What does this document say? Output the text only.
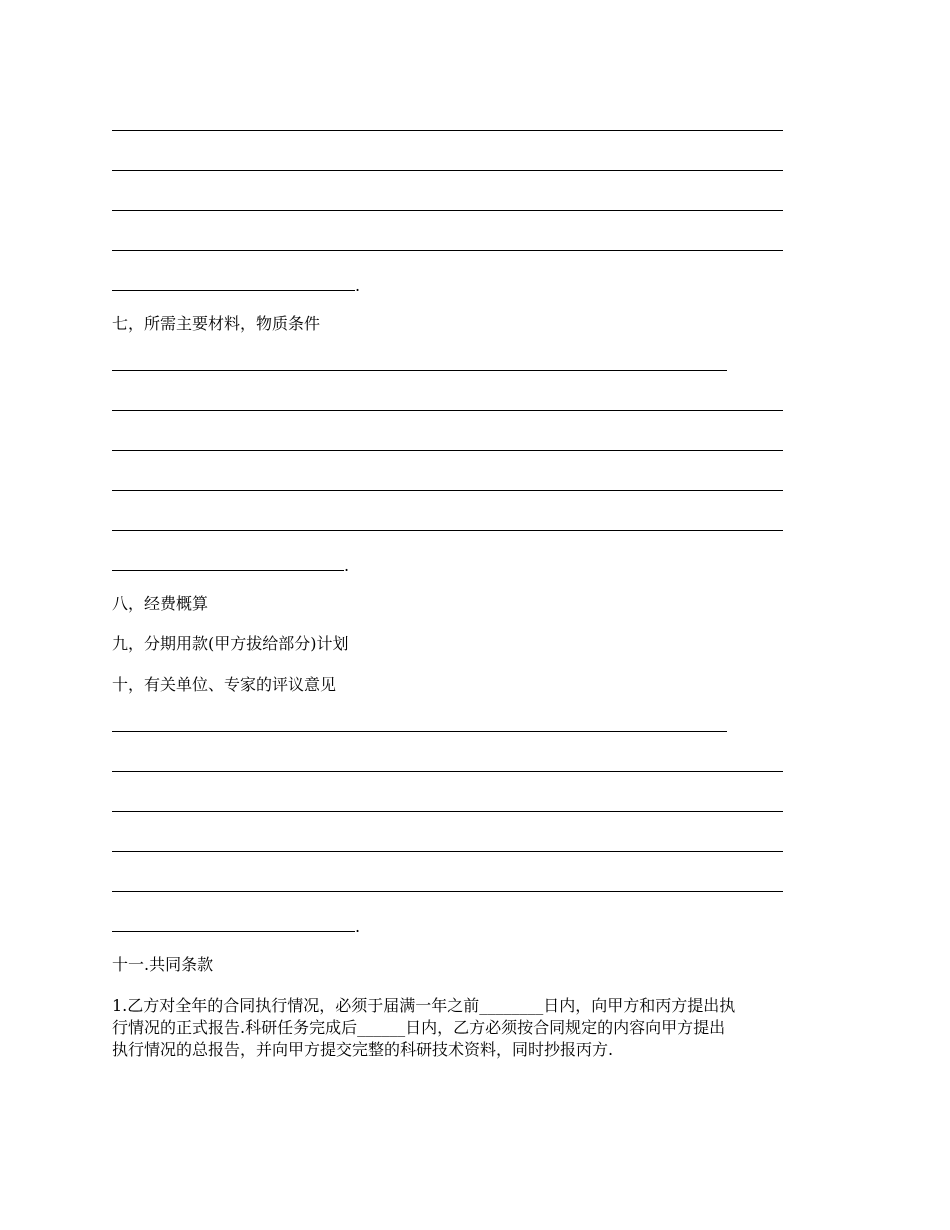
.
七，所需主要材料，物质条件
.
八，经费概算
九，分期用款(甲方拔给部分)计划
十，有关单位、专家的评议意见
.
十一.共同条款
1.乙方对全年的合同执行情况，必须于届满一年之前________日内，向甲方和丙方提出执
行情况的正式报告.科研任务完成后______日内，乙方必须按合同规定的内容向甲方提出
执行情况的总报告，并向甲方提交完整的科研技术资料，同时抄报丙方.
